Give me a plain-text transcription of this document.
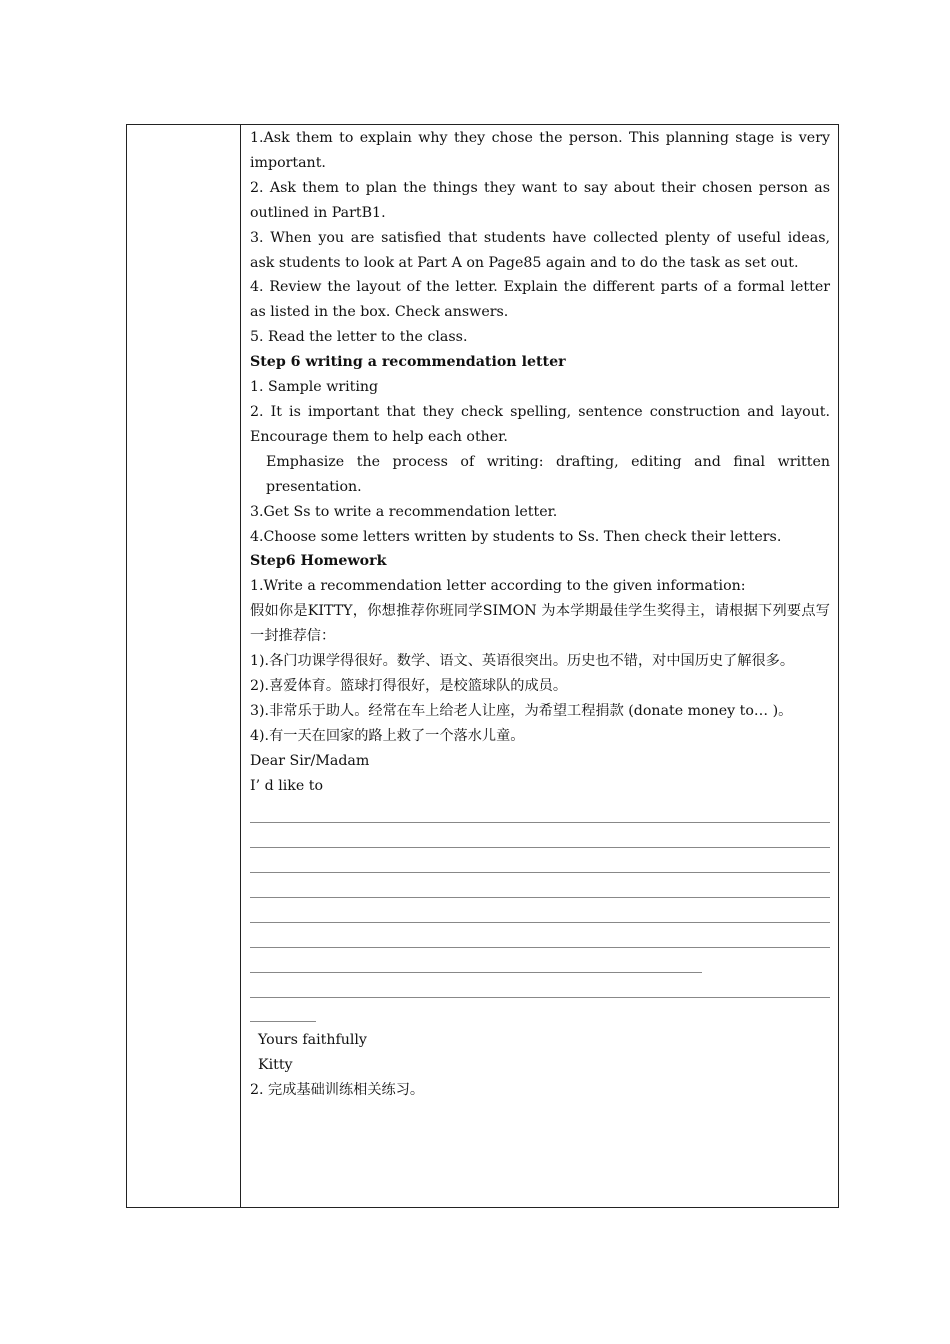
1.Ask them to explain why they chose the person. This planning stage is very important.

2. Ask them to plan the things they want to say about their chosen person as outlined in PartB1.

3. When you are satisfied that students have collected plenty of useful ideas, ask students to look at Part A on Page85 again and to do the task as set out.

4. Review the layout of the letter. Explain the different parts of a formal letter as listed in the box. Check answers.

5. Read the letter to the class.

Step 6 writing a recommendation letter

1. Sample writing

2. It is important that they check spelling, sentence construction and layout. Encourage them to help each other.

Emphasize the process of writing: drafting, editing and final written presentation.

3.Get Ss to write a recommendation letter.

4.Choose some letters written by students to Ss. Then check their letters.

Step6 Homework

1.Write a recommendation letter according to the given information:

假如你是KITTY，你想推荐你班同学SIMON 为本学期最佳学生奖得主，请根据下列要点写一封推荐信：

1).各门功课学得很好。数学、语文、英语很突出。历史也不错，对中国历史了解很多。

2).喜爱体育。篮球打得很好，是校篮球队的成员。

3).非常乐于助人。经常在车上给老人让座，为希望工程捐款 (donate money to… )。

4).有一天在回家的路上救了一个落水儿童。

Dear Sir/Madam

I’ d like to

Yours faithfully

Kitty

2. 完成基础训练相关练习。
